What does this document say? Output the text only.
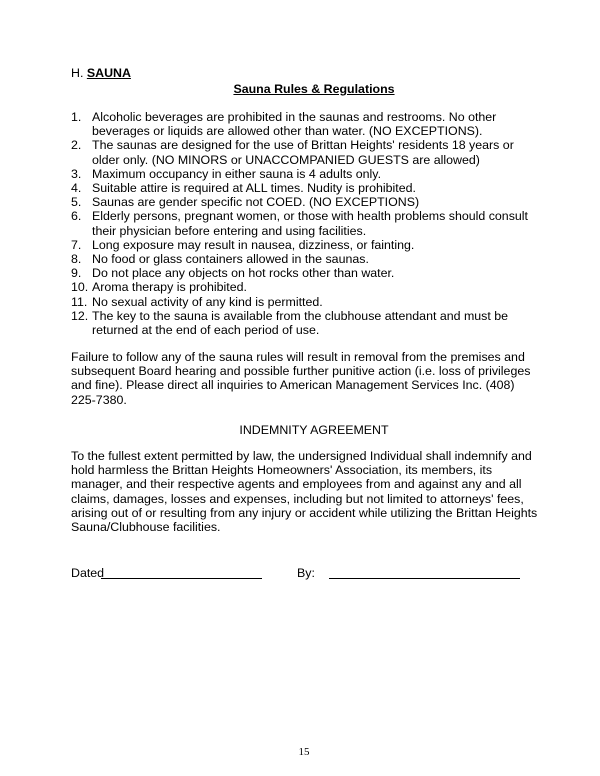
H. SAUNA
Sauna Rules & Regulations
1. Alcoholic beverages are prohibited in the saunas and restrooms. No other beverages or liquids are allowed other than water. (NO EXCEPTIONS).
2. The saunas are designed for the use of Brittan Heights' residents 18 years or older only. (NO MINORS or UNACCOMPANIED GUESTS are allowed)
3. Maximum occupancy in either sauna is 4 adults only.
4. Suitable attire is required at ALL times. Nudity is prohibited.
5. Saunas are gender specific not COED. (NO EXCEPTIONS)
6. Elderly persons, pregnant women, or those with health problems should consult their physician before entering and using facilities.
7. Long exposure may result in nausea, dizziness, or fainting.
8. No food or glass containers allowed in the saunas.
9. Do not place any objects on hot rocks other than water.
10. Aroma therapy is prohibited.
11. No sexual activity of any kind is permitted.
12. The key to the sauna is available from the clubhouse attendant and must be returned at the end of each period of use.
Failure to follow any of the sauna rules will result in removal from the premises and subsequent Board hearing and possible further punitive action (i.e. loss of privileges and fine). Please direct all inquiries to American Management Services Inc. (408) 225-7380.
INDEMNITY AGREEMENT
To the fullest extent permitted by law, the undersigned Individual shall indemnify and hold harmless the Brittan Heights Homeowners' Association, its members, its manager, and their respective agents and employees from and against any and all claims, damages, losses and expenses, including but not limited to attorneys' fees, arising out of or resulting from any injury or accident while utilizing the Brittan Heights Sauna/Clubhouse facilities.
Dated	By:
15
